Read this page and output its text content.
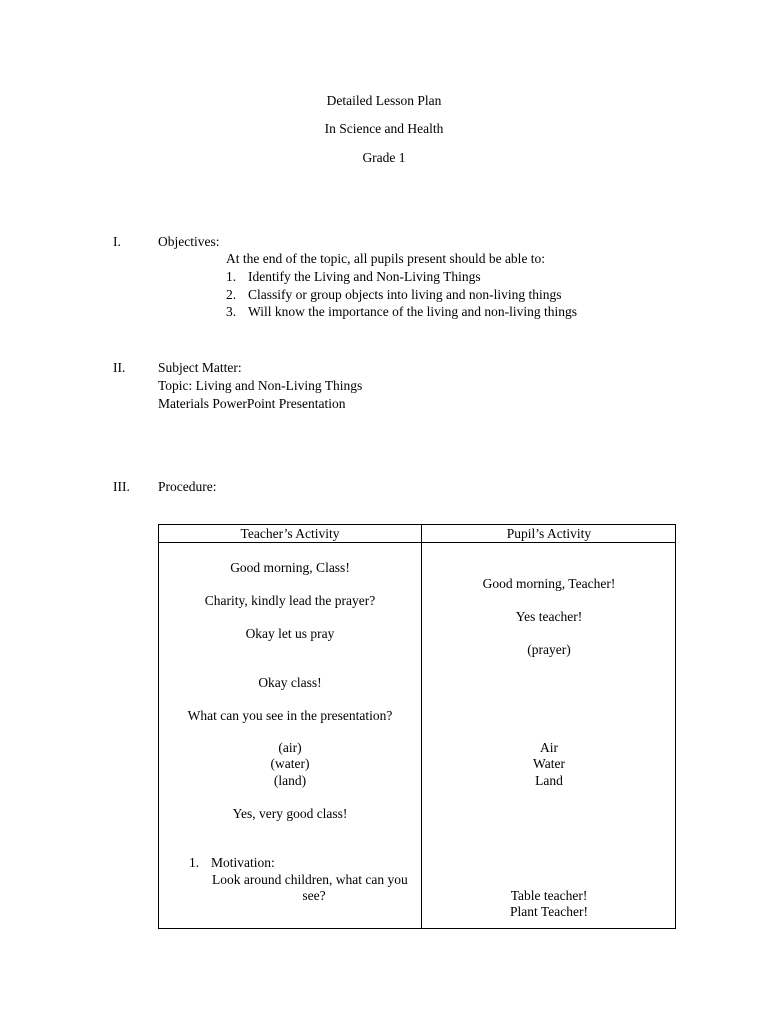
Detailed Lesson Plan
In Science and Health
Grade 1
I.	Objectives:
At the end of the topic, all pupils present should be able to:
1. Identify the Living and Non-Living Things
2. Classify or group objects into living and non-living things
3. Will know the importance of the living and non-living things
II. Subject Matter:
Topic: Living and Non-Living Things
Materials PowerPoint Presentation
III. Procedure:
Teacher’s Activity	Pupil’s Activity
Good morning, Class!
Charity, kindly lead the prayer?
Okay let us pray
Okay class!
What can you see in the presentation?
(air)
(water)
(land)
Yes, very good class!
1. Motivation:
Look around children, what can you
see?
Good morning, Teacher!
Yes teacher!
(prayer)
Air
Water
Land
Table teacher!
Plant Teacher!
